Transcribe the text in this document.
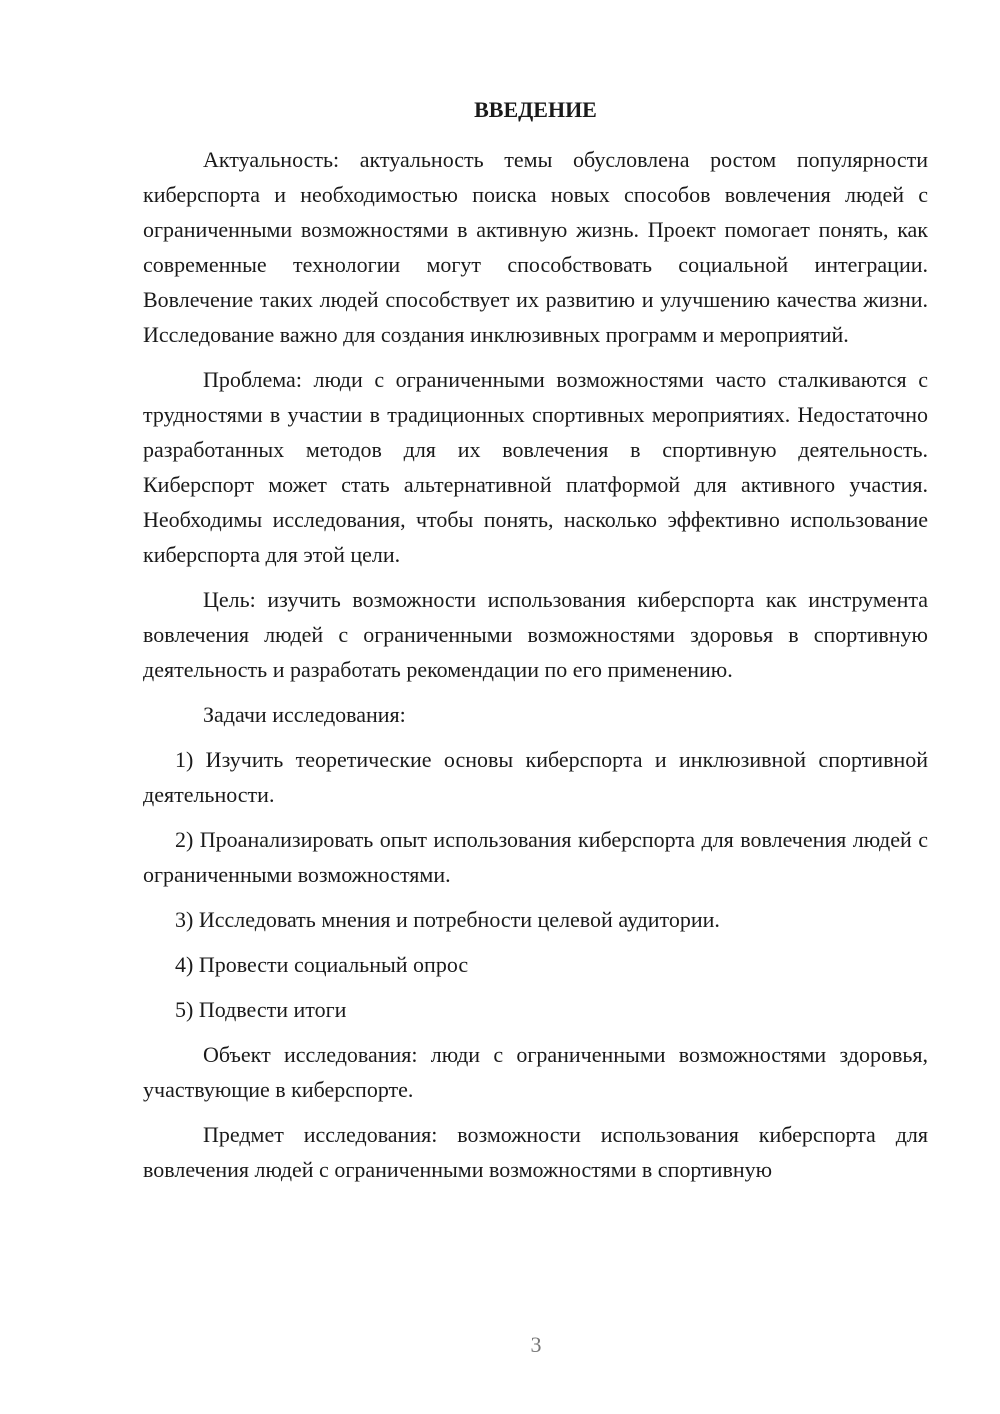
ВВЕДЕНИЕ

Актуальность: актуальность темы обусловлена ростом популярности киберспорта и необходимостью поиска новых способов вовлечения людей с ограниченными возможностями в активную жизнь. Проект помогает понять, как современные технологии могут способствовать социальной интеграции. Вовлечение таких людей способствует их развитию и улучшению качества жизни. Исследование важно для создания инклюзивных программ и мероприятий.

Проблема: люди с ограниченными возможностями часто сталкиваются с трудностями в участии в традиционных спортивных мероприятиях. Недостаточно разработанных методов для их вовлечения в спортивную деятельность. Киберспорт может стать альтернативной платформой для активного участия. Необходимы исследования, чтобы понять, насколько эффективно использование киберспорта для этой цели.

Цель: изучить возможности использования киберспорта как инструмента вовлечения людей с ограниченными возможностями здоровья в спортивную деятельность и разработать рекомендации по его применению.

Задачи исследования:

1) Изучить теоретические основы киберспорта и инклюзивной спортивной деятельности.

2) Проанализировать опыт использования киберспорта для вовлечения людей с ограниченными возможностями.

3) Исследовать мнения и потребности целевой аудитории.

4) Провести социальный опрос

5) Подвести итоги

Объект исследования: люди с ограниченными возможностями здоровья, участвующие в киберспорте.

Предмет исследования: возможности использования киберспорта для вовлечения людей с ограниченными возможностями в спортивную

3
